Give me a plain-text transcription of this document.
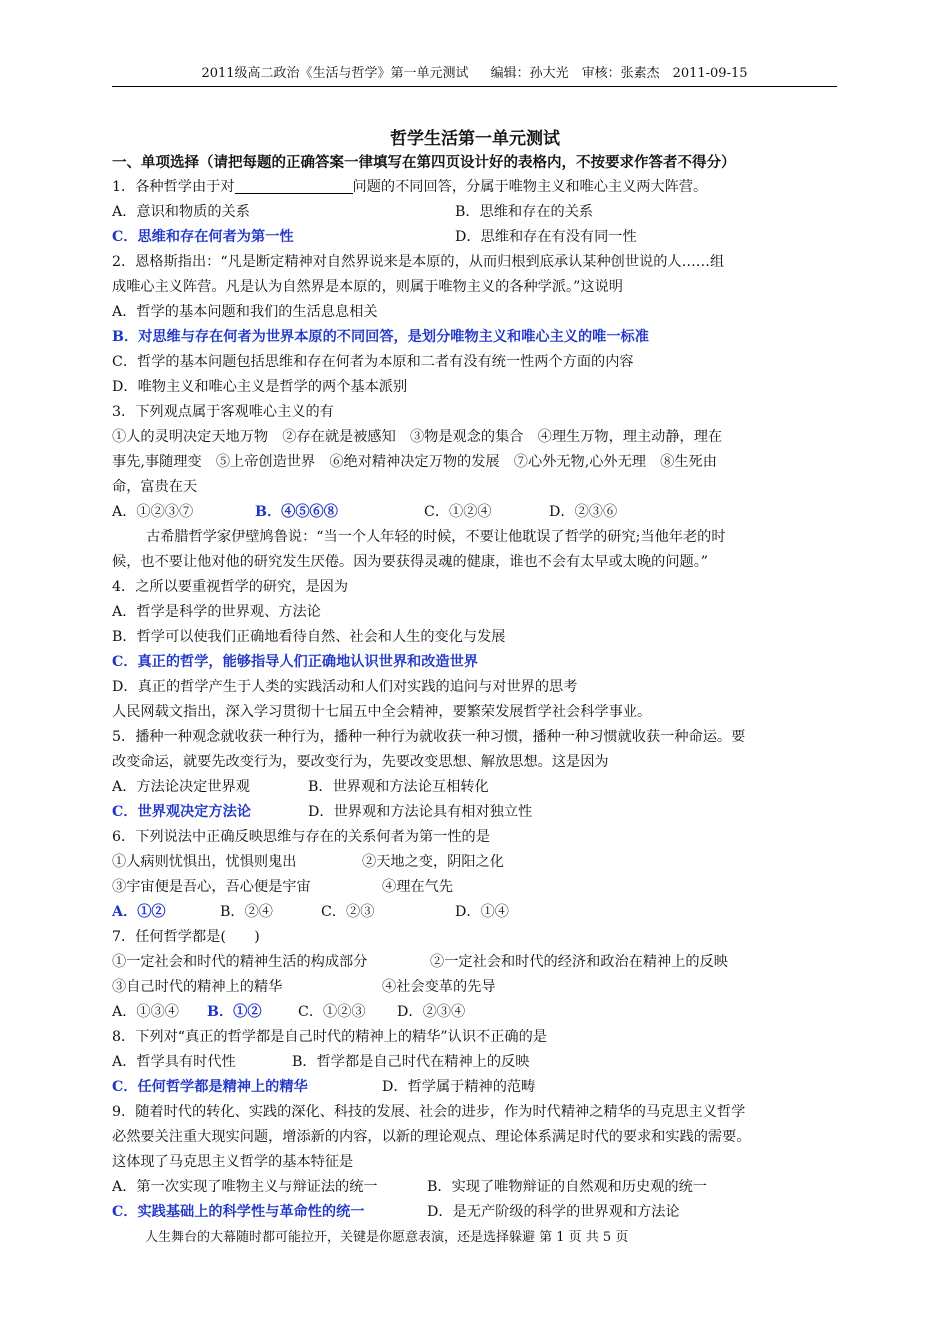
2011级高二政治《生活与哲学》第一单元测试 编辑：孙大光　审核：张素杰　2011-09-15
哲学生活第一单元测试
一、单项选择（请把每题的正确答案一律填写在第四页设计好的表格内，不按要求作答者不得分）
1．各种哲学由于对	问题的不同回答，分属于唯物主义和唯心主义两大阵营。
A．意识和物质的关系	B．思维和存在的关系
C．思维和存在何者为第一性	D．思维和存在有没有同一性
2．恩格斯指出：“凡是断定精神对自然界说来是本原的，从而归根到底承认某种创世说的人……组
成唯心主义阵营。凡是认为自然界是本原的，则属于唯物主义的各种学派。”这说明
A．哲学的基本问题和我们的生活息息相关
B．对思维与存在何者为世界本原的不同回答，是划分唯物主义和唯心主义的唯一标准
C．哲学的基本问题包括思维和存在何者为本原和二者有没有统一性两个方面的内容
D．唯物主义和唯心主义是哲学的两个基本派别
3．下列观点属于客观唯心主义的有
①人的灵明决定天地万物　②存在就是被感知　③物是观念的集合　④理生万物，理主动静，理在
事先,事随理变　⑤上帝创造世界　⑥绝对精神决定万物的发展　⑦心外无物,心外无理　⑧生死由
命，富贵在天
A．①②③⑦	B．④⑤⑥⑧	C．①②④	D．②③⑥
古希腊哲学家伊壁鸠鲁说：“当一个人年轻的时候，不要让他耽误了哲学的研究;当他年老的时
候，也不要让他对他的研究发生厌倦。因为要获得灵魂的健康，谁也不会有太早或太晚的问题。”
4．之所以要重视哲学的研究，是因为
A．哲学是科学的世界观、方法论
B．哲学可以使我们正确地看待自然、社会和人生的变化与发展
C．真正的哲学，能够指导人们正确地认识世界和改造世界
D．真正的哲学产生于人类的实践活动和人们对实践的追问与对世界的思考
人民网载文指出，深入学习贯彻十七届五中全会精神，要繁荣发展哲学社会科学事业。
5．播种一种观念就收获一种行为，播种一种行为就收获一种习惯，播种一种习惯就收获一种命运。要
改变命运，就要先改变行为，要改变行为，先要改变思想、解放思想。这是因为
A．方法论决定世界观	B．世界观和方法论互相转化
C．世界观决定方法论	D．世界观和方法论具有相对独立性
6．下列说法中正确反映思维与存在的关系何者为第一性的是
①人病则忧惧出，忧惧则鬼出	②天地之变，阴阳之化
③宇宙便是吾心，吾心便是宇宙	④理在气先
A．①②	B．②④	C．②③	D．①④
7．任何哲学都是(　　)
①一定社会和时代的精神生活的构成部分	②一定社会和时代的经济和政治在精神上的反映
③自己时代的精神上的精华	④社会变革的先导
A．①③④ B．①②	C．①②③ D．②③④
8．下列对“真正的哲学都是自己时代的精神上的精华”认识不正确的是
A．哲学具有时代性	B．哲学都是自己时代在精神上的反映
C．任何哲学都是精神上的精华	D．哲学属于精神的范畴
9．随着时代的转化、实践的深化、科技的发展、社会的进步，作为时代精神之精华的马克思主义哲学
必然要关注重大现实问题，增添新的内容，以新的理论观点、理论体系满足时代的要求和实践的需要。
这体现了马克思主义哲学的基本特征是
A．第一次实现了唯物主义与辩证法的统一	B．实现了唯物辩证的自然观和历史观的统一
C．实践基础上的科学性与革命性的统一	D．是无产阶级的科学的世界观和方法论
人生舞台的大幕随时都可能拉开，关键是你愿意表演，还是选择躲避 第 1 页 共 5 页
